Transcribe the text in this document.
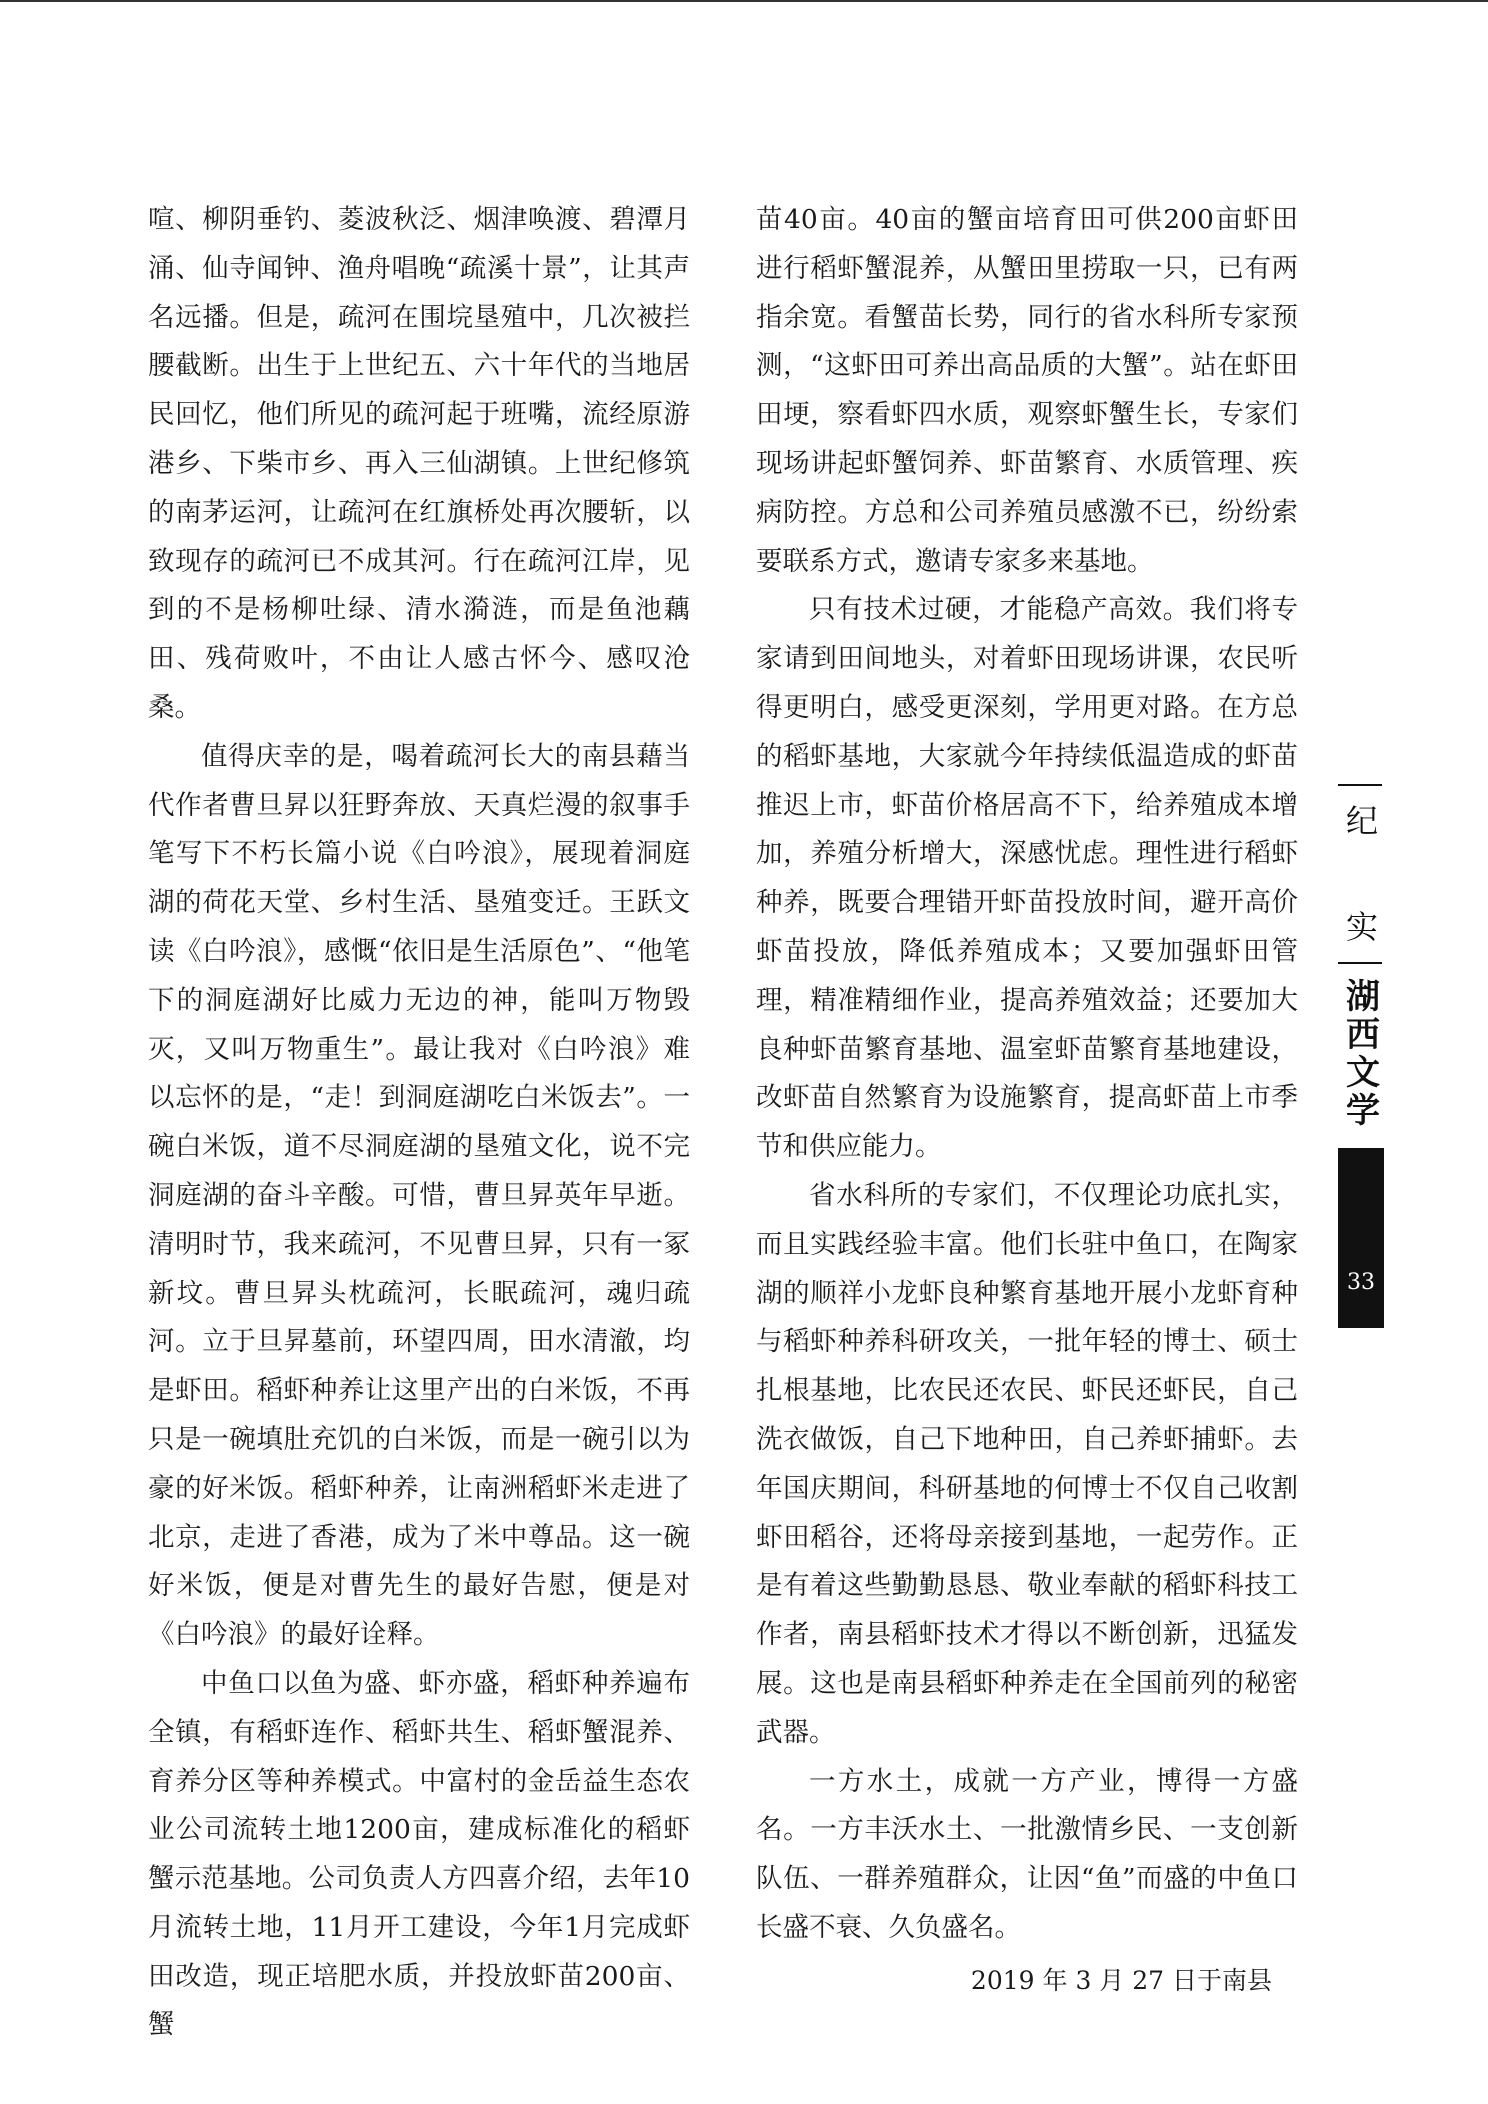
喧、柳阴垂钓、菱波秋泛、烟津唤渡、碧潭月涌、仙寺闻钟、渔舟唱晚“疏溪十景”，让其声名远播。但是，疏河在围垸垦殖中，几次被拦腰截断。出生于上世纪五、六十年代的当地居民回忆，他们所见的疏河起于班嘴，流经原游港乡、下柴市乡、再入三仙湖镇。上世纪修筑的南茅运河，让疏河在红旗桥处再次腰斩，以致现存的疏河已不成其河。行在疏河江岸，见到的不是杨柳吐绿、清水漪涟，而是鱼池藕田、残荷败叶，不由让人感古怀今、感叹沧桑。

值得庆幸的是，喝着疏河长大的南县藉当代作者曹旦昇以狂野奔放、天真烂漫的叙事手笔写下不朽长篇小说《白吟浪》，展现着洞庭湖的荷花天堂、乡村生活、垦殖变迁。王跃文读《白吟浪》，感慨“依旧是生活原色”、“他笔下的洞庭湖好比威力无边的神，能叫万物毁灭，又叫万物重生”。最让我对《白吟浪》难以忘怀的是，“走！到洞庭湖吃白米饭去”。一碗白米饭，道不尽洞庭湖的垦殖文化，说不完洞庭湖的奋斗辛酸。可惜，曹旦昇英年早逝。清明时节，我来疏河，不见曹旦昇，只有一冢新坟。曹旦昇头枕疏河，长眠疏河，魂归疏河。立于旦昇墓前，环望四周，田水清澈，均是虾田。稻虾种养让这里产出的白米饭，不再只是一碗填肚充饥的白米饭，而是一碗引以为豪的好米饭。稻虾种养，让南洲稻虾米走进了北京，走进了香港，成为了米中尊品。这一碗好米饭，便是对曹先生的最好告慰，便是对《白吟浪》的最好诠释。

中鱼口以鱼为盛、虾亦盛，稻虾种养遍布全镇，有稻虾连作、稻虾共生、稻虾蟹混养、育养分区等种养模式。中富村的金岳益生态农业公司流转土地1200亩，建成标准化的稻虾蟹示范基地。公司负责人方四喜介绍，去年10月流转土地，11月开工建设，今年1月完成虾田改造，现正培肥水质，并投放虾苗200亩、蟹

苗40亩。40亩的蟹亩培育田可供200亩虾田进行稻虾蟹混养，从蟹田里捞取一只，已有两指余宽。看蟹苗长势，同行的省水科所专家预测，“这虾田可养出高品质的大蟹”。站在虾田田埂，察看虾四水质，观察虾蟹生长，专家们现场讲起虾蟹饲养、虾苗繁育、水质管理、疾病防控。方总和公司养殖员感激不已，纷纷索要联系方式，邀请专家多来基地。

只有技术过硬，才能稳产高效。我们将专家请到田间地头，对着虾田现场讲课，农民听得更明白，感受更深刻，学用更对路。在方总的稻虾基地，大家就今年持续低温造成的虾苗推迟上市，虾苗价格居高不下，给养殖成本增加，养殖分析增大，深感忧虑。理性进行稻虾种养，既要合理错开虾苗投放时间，避开高价虾苗投放，降低养殖成本；又要加强虾田管理，精准精细作业，提高养殖效益；还要加大良种虾苗繁育基地、温室虾苗繁育基地建设，改虾苗自然繁育为设施繁育，提高虾苗上市季节和供应能力。

省水科所的专家们，不仅理论功底扎实，而且实践经验丰富。他们长驻中鱼口，在陶家湖的顺祥小龙虾良种繁育基地开展小龙虾育种与稻虾种养科研攻关，一批年轻的博士、硕士扎根基地，比农民还农民、虾民还虾民，自己洗衣做饭，自己下地种田，自己养虾捕虾。去年国庆期间，科研基地的何博士不仅自己收割虾田稻谷，还将母亲接到基地，一起劳作。正是有着这些勤勤恳恳、敬业奉献的稻虾科技工作者，南县稻虾技术才得以不断创新，迅猛发展。这也是南县稻虾种养走在全国前列的秘密武器。

一方水土，成就一方产业，博得一方盛名。一方丰沃水土、一批激情乡民、一支创新队伍、一群养殖群众，让因“鱼”而盛的中鱼口长盛不衰、久负盛名。

2019 年 3 月 27 日于南县

纪
实
湖
西
文
学
33
